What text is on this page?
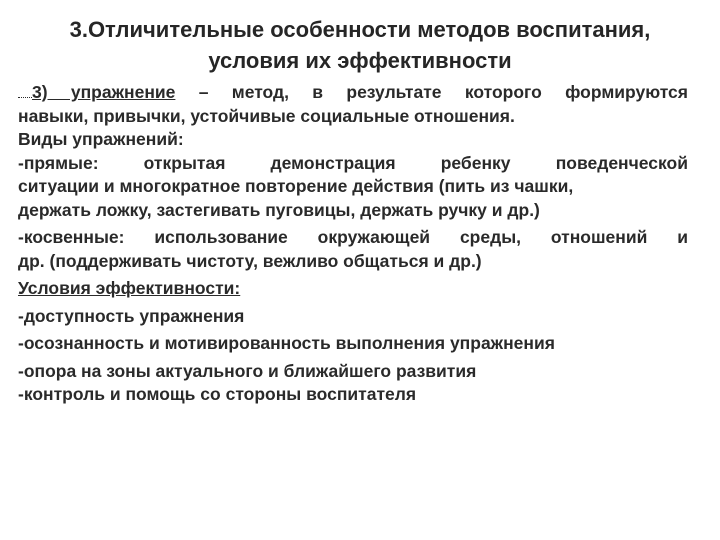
3.Отличительные особенности методов воспитания,
условия их эффективности
3) упражнение – метод, в результате которого формируются
навыки, привычки, устойчивые социальные отношения.
Виды упражнений:
-прямые: открытая демонстрация ребенку поведенческой
ситуации и многократное повторение действия (пить из чашки,
держать ложку, застегивать пуговицы, держать ручку и др.)
-косвенные: использование окружающей среды, отношений и
др. (поддерживать чистоту, вежливо общаться и др.)
Условия эффективности:
-доступность упражнения
-осознанность и мотивированность выполнения упражнения
-опора на зоны актуального и ближайшего развития
-контроль и помощь со стороны воспитателя
